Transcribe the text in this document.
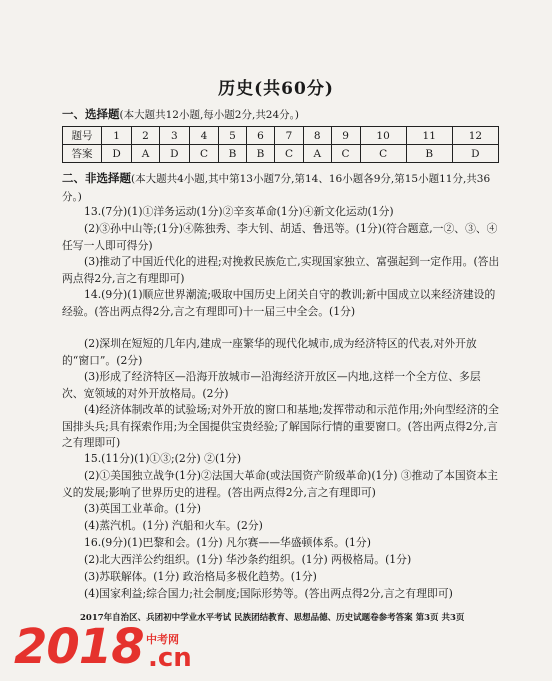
历史(共60分)
一、选择题(本大题共12小题,每小题2分,共24分。)
题号	1	2	3	4	5	6	7	8	9	10	11	12
答案	D	A	D	C	B	B	C	A	C	C	B	D
二、非选择题(本大题共4小题,其中第13小题7分,第14、16小题各9分,第15小题11分,共36分。)
13.(7分)(1)①洋务运动(1分)②辛亥革命(1分)④新文化运动(1分)
(2)③孙中山等;(1分)④陈独秀、李大钊、胡适、鲁迅等。(1分)(符合题意,一②、③、④任写一人即可得分)
(3)推动了中国近代化的进程;对挽救民族危亡,实现国家独立、富强起到一定作用。(答出两点得2分,言之有理即可)
14.(9分)(1)顺应世界潮流;吸取中国历史上闭关自守的教训;新中国成立以来经济建设的经验。(答出两点得2分,言之有理即可)十一届三中全会。(1分)
(2)深圳在短短的几年内,建成一座繁华的现代化城市,成为经济特区的代表,对外开放的“窗口”。(2分)
(3)形成了经济特区—沿海开放城市—沿海经济开放区—内地,这样一个全方位、多层次、宽领域的对外开放格局。(2分)
(4)经济体制改革的试验场;对外开放的窗口和基地;发挥带动和示范作用;外向型经济的全国排头兵;具有探索作用;为全国提供宝贵经验;了解国际行情的重要窗口。(答出两点得2分,言之有理即可)
15.(11分)(1)①③;(2分) ②(1分)
(2)①美国独立战争(1分)②法国大革命(或法国资产阶级革命)(1分) ③推动了本国资本主义的发展;影响了世界历史的进程。(答出两点得2分,言之有理即可)
(3)英国工业革命。(1分)
(4)蒸汽机。(1分) 汽船和火车。(2分)
16.(9分)(1)巴黎和会。(1分) 凡尔赛——华盛顿体系。(1分)
(2)北大西洋公约组织。(1分) 华沙条约组织。(1分) 两极格局。(1分)
(3)苏联解体。(1分) 政治格局多极化趋势。(1分)
(4)国家利益;综合国力;社会制度;国际形势等。(答出两点得2分,言之有理即可)
2017年自治区、兵团初中学业水平考试 民族团结教育、思想品德、历史试题卷参考答案 第3页 共3页
2018 中考网
.cn
